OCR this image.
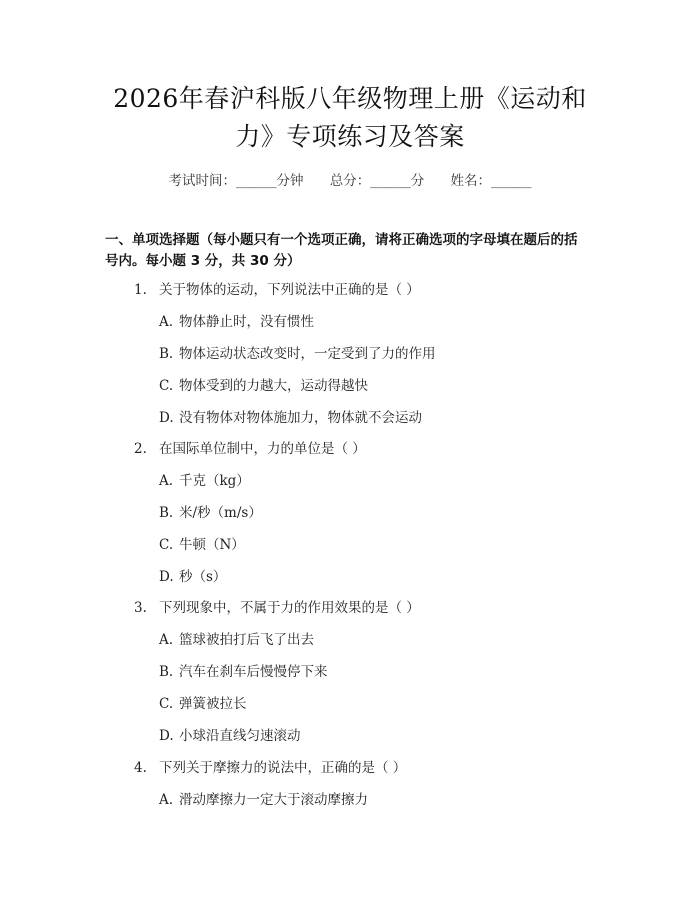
2026年春沪科版八年级物理上册《运动和
力》专项练习及答案
考试时间：______分钟 总分：______分 姓名：______
一、单项选择题（每小题只有一个选项正确，请将正确选项的字母填在题后的括
号内。每小题 3 分，共 30 分）
1. 关于物体的运动，下列说法中正确的是（ ）
A. 物体静止时，没有惯性
B. 物体运动状态改变时，一定受到了力的作用
C. 物体受到的力越大，运动得越快
D. 没有物体对物体施加力，物体就不会运动
2. 在国际单位制中，力的单位是（ ）
A. 千克（kg）
B. 米/秒（m/s）
C. 牛顿（N）
D. 秒（s）
3. 下列现象中，不属于力的作用效果的是（ ）
A. 篮球被拍打后飞了出去
B. 汽车在刹车后慢慢停下来
C. 弹簧被拉长
D. 小球沿直线匀速滚动
4. 下列关于摩擦力的说法中，正确的是（ ）
A. 滑动摩擦力一定大于滚动摩擦力
